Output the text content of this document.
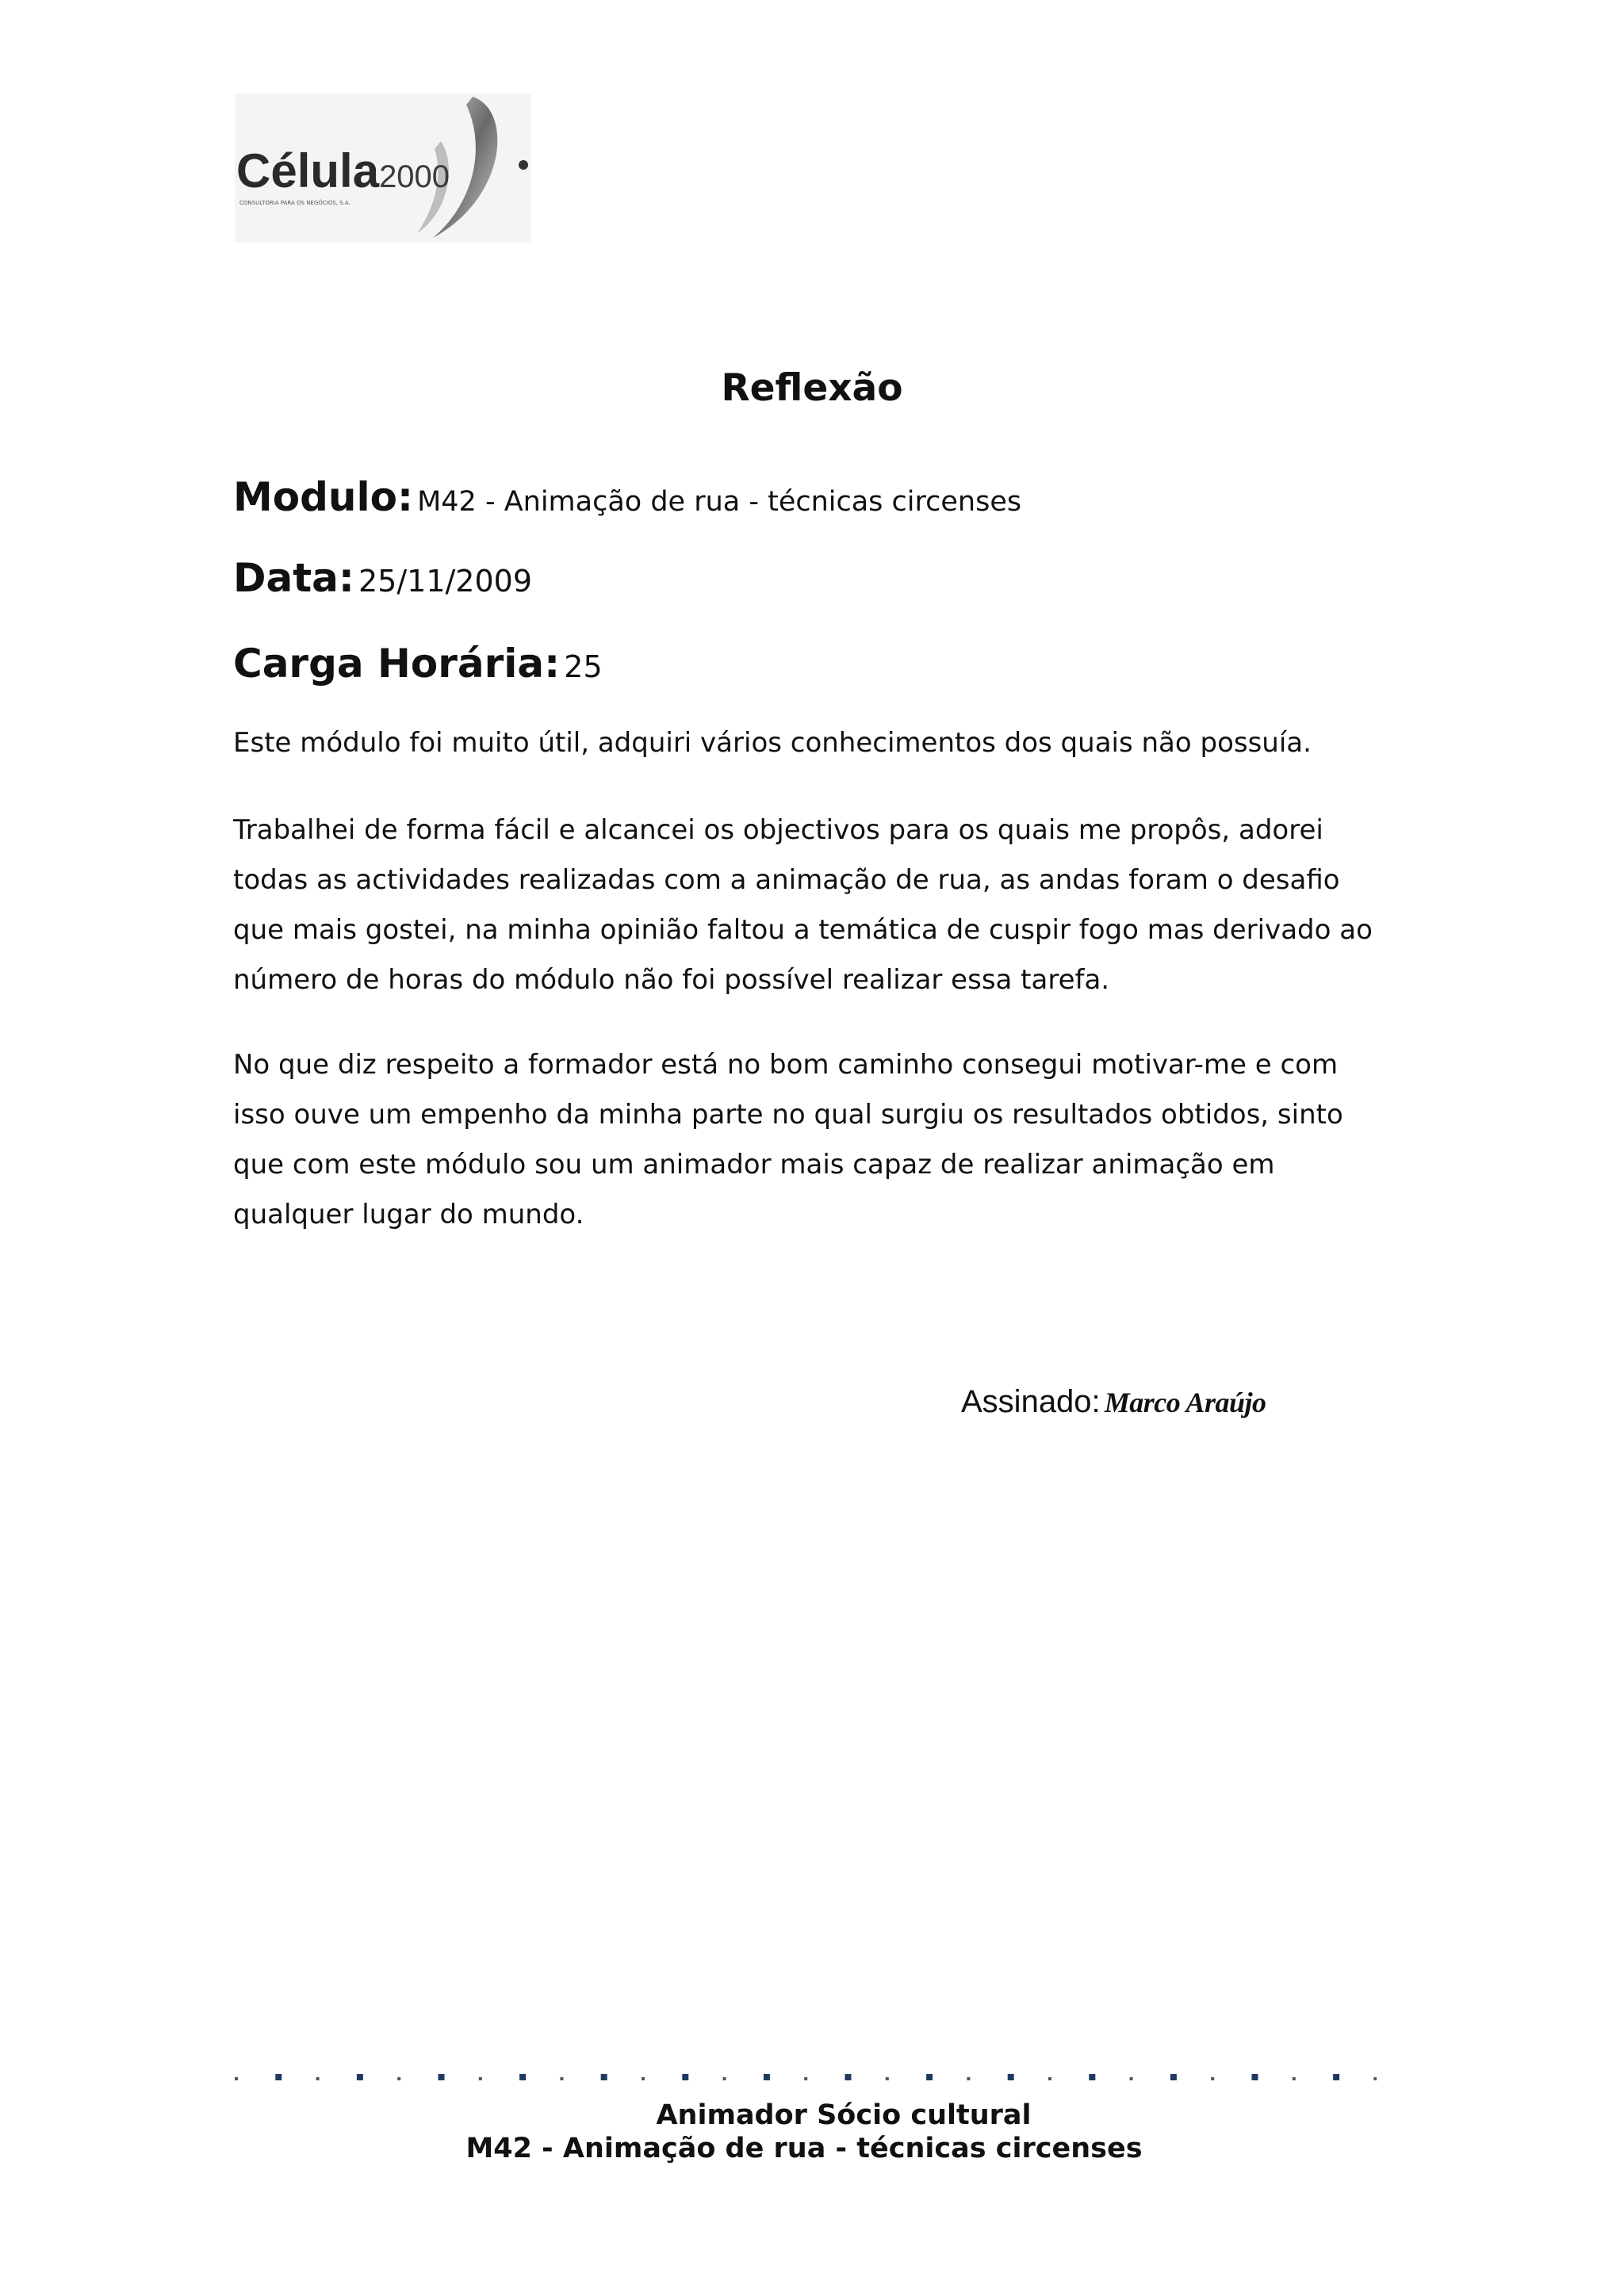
Célula2000
CONSULTORIA PARA OS NEGÓCIOS, S.A.
Reflexão
Modulo: M42 - Animação de rua - técnicas circenses
Data: 25/11/2009
Carga Horária: 25

Este módulo foi muito útil, adquiri vários conhecimentos dos quais não possuía.

Trabalhei de forma fácil e alcancei os objectivos para os quais me propôs, adorei
todas as actividades realizadas com a animação de rua, as andas foram o desafio
que mais gostei, na minha opinião faltou a temática de cuspir fogo mas derivado ao
número de horas do módulo não foi possível realizar essa tarefa.

No que diz respeito a formador está no bom caminho consegui motivar-me e com
isso ouve um empenho da minha parte no qual surgiu os resultados obtidos, sinto
que com este módulo sou um animador mais capaz de realizar animação em
qualquer lugar do mundo.

Assinado: Marco Araújo
Animador Sócio cultural
M42 - Animação de rua - técnicas circenses
